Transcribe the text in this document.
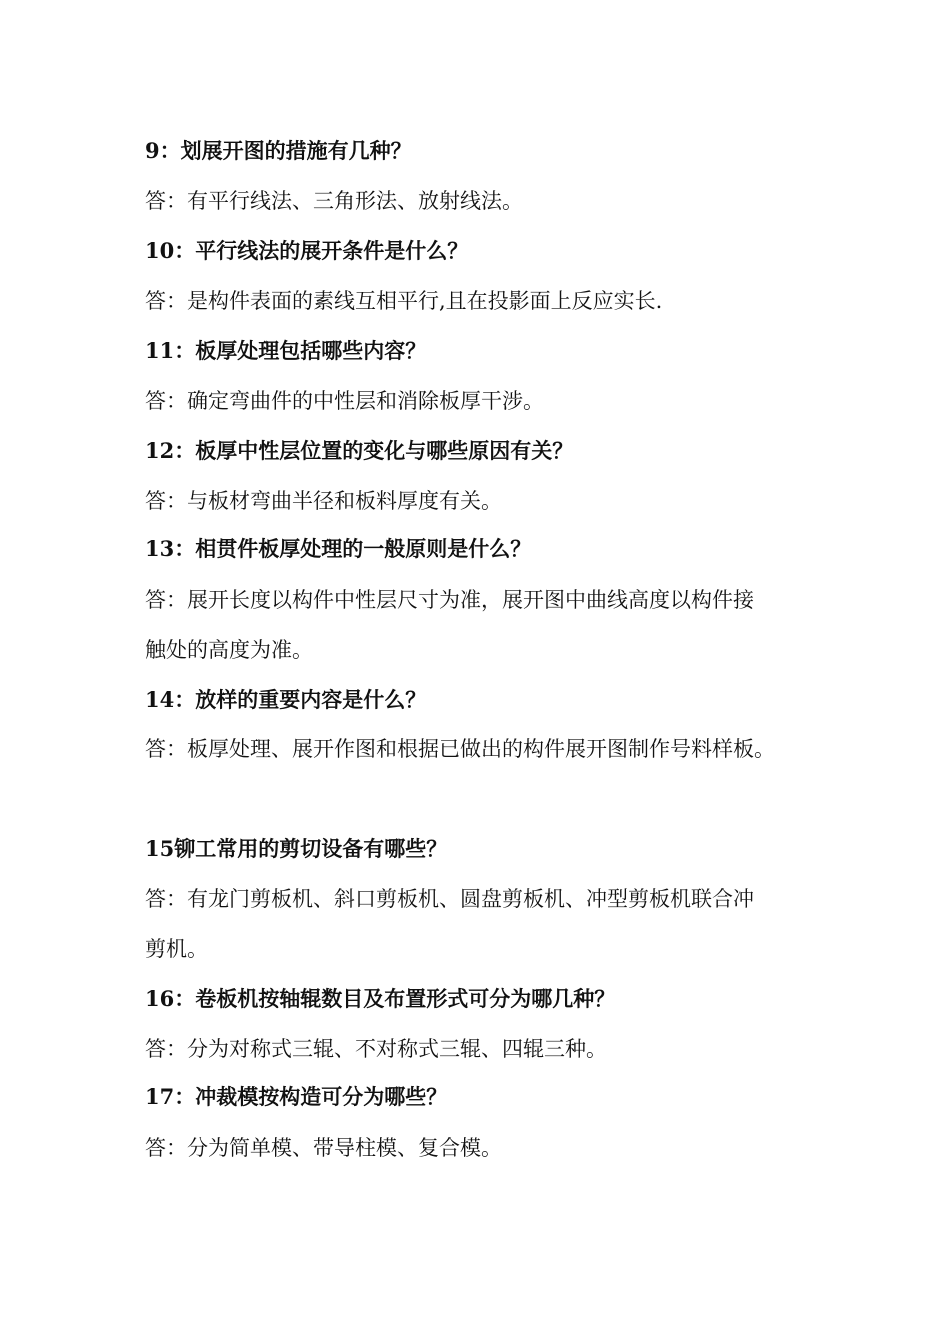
9：划展开图的措施有几种？
答：有平行线法、三角形法、放射线法。
10：平行线法的展开条件是什么？
答：是构件表面的素线互相平行,且在投影面上反应实长.
11：板厚处理包括哪些内容？
答：确定弯曲件的中性层和消除板厚干涉。
12：板厚中性层位置的变化与哪些原因有关？
答：与板材弯曲半径和板料厚度有关。
13：相贯件板厚处理的一般原则是什么？
答：展开长度以构件中性层尺寸为准，展开图中曲线高度以构件接
触处的高度为准。
14：放样的重要内容是什么？
答：板厚处理、展开作图和根据已做出的构件展开图制作号料样板。
15铆工常用的剪切设备有哪些？
答：有龙门剪板机、斜口剪板机、圆盘剪板机、冲型剪板机联合冲
剪机。
16：卷板机按轴辊数目及布置形式可分为哪几种？
答：分为对称式三辊、不对称式三辊、四辊三种。
17：冲裁模按构造可分为哪些？
答：分为简单模、带导柱模、复合模。
